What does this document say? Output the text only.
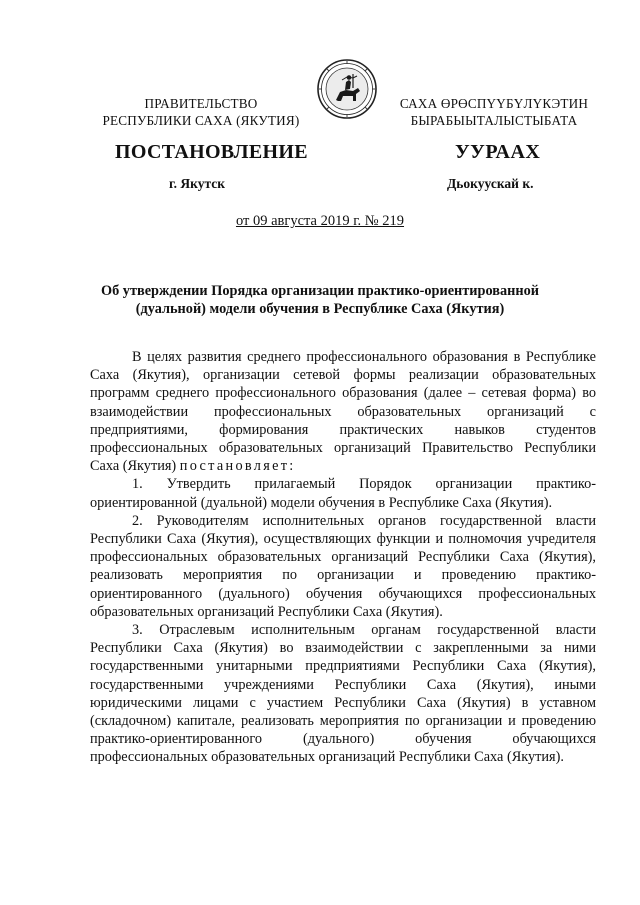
ПРАВИТЕЛЬСТВО
РЕСПУБЛИКИ САХА (ЯКУТИЯ)
САХА ӨРӨСПҮҮБҮЛҮКЭТИН
БЫРАБЫЫТАЛЫСТЫБАТА
ПОСТАНОВЛЕНИЕ	УУРААХ
г. Якутск	Дьокуускай к.
от 09 августа 2019 г. № 219
Об утверждении Порядка организации практико-ориентированной
(дуальной) модели обучения в Республике Саха (Якутия)

В целях развития среднего профессионального образования в Республике Саха (Якутия), организации сетевой формы реализации образовательных программ среднего профессионального образования (далее – сетевая форма) во взаимодействии профессиональных образовательных организаций с предприятиями, формирования практических навыков студентов профессиональных образовательных организаций Правительство Республики Саха (Якутия) постановляет:

1. Утвердить прилагаемый Порядок организации практико-ориентированной (дуальной) модели обучения в Республике Саха (Якутия).

2. Руководителям исполнительных органов государственной власти Республики Саха (Якутия), осуществляющих функции и полномочия учредителя профессиональных образовательных организаций Республики Саха (Якутия), реализовать мероприятия по организации и проведению практико-ориентированного (дуального) обучения обучающихся профессиональных образовательных организаций Республики Саха (Якутия).

3. Отраслевым исполнительным органам государственной власти Республики Саха (Якутия) во взаимодействии с закрепленными за ними государственными унитарными предприятиями Республики Саха (Якутия), государственными учреждениями Республики Саха (Якутия), иными юридическими лицами с участием Республики Саха (Якутия) в уставном (складочном) капитале, реализовать мероприятия по организации и проведению практико-ориентированного (дуального) обучения обучающихся профессиональных образовательных организаций Республики Саха (Якутия).
